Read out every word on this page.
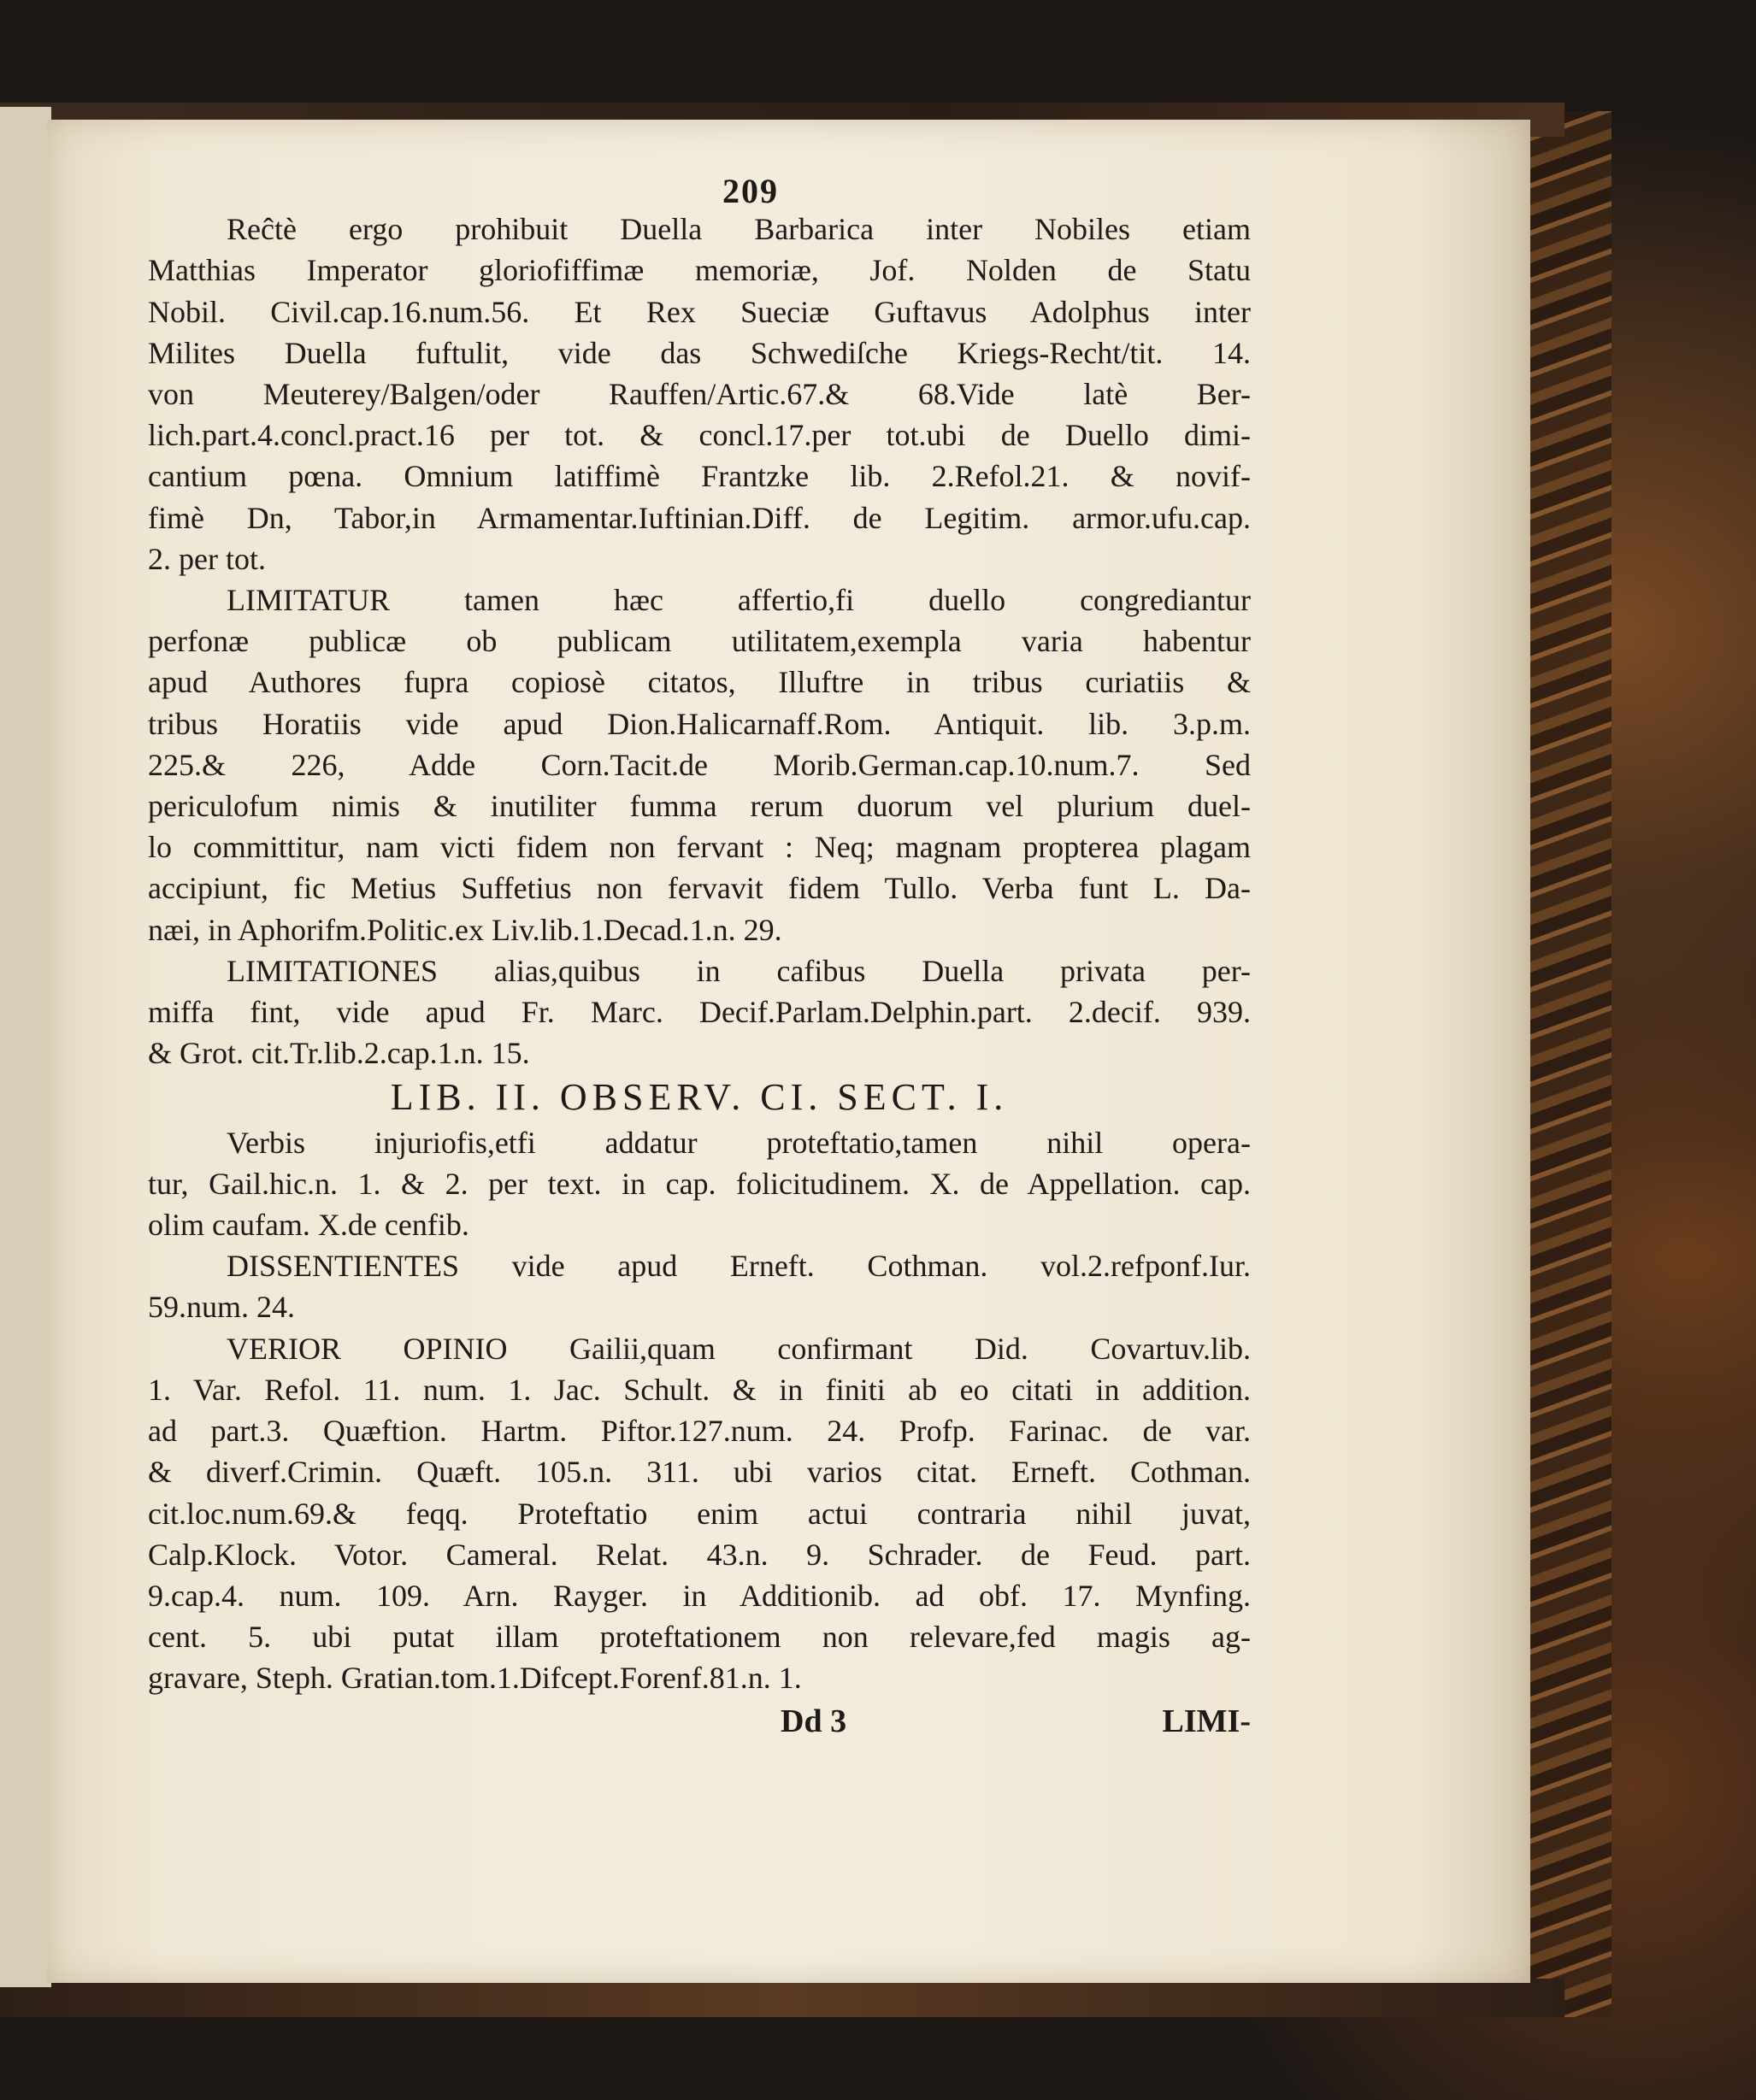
209
Reĉtè ergo prohibuit Duella Barbarica inter Nobiles etiam
Matthias Imperator gloriofiffimæ memoriæ, Jof. Nolden de Statu
Nobil. Civil.cap.16.num.56. Et Rex Sueciæ Guftavus Adolphus inter
Milites Duella fuftulit, vide das Schwediſche Kriegs-Recht/tit. 14.
von Meuterey/Balgen/oder Rauffen/Artic.67.& 68.Vide latè Ber-
lich.part.4.concl.pract.16 per tot. & concl.17.per tot.ubi de Duello dimi-
cantium pœna. Omnium latiffimè Frantzke lib. 2.Refol.21. & novif-
fimè Dn, Tabor,in Armamentar.Iuftinian.Diff. de Legitim. armor.ufu.cap.
2. per tot.
LIMITATUR tamen hæc affertio,fi duello congrediantur
perfonæ publicæ ob publicam utilitatem,exempla varia habentur
apud Authores fupra copiosè citatos, Illuftre in tribus curiatiis &
tribus Horatiis vide apud Dion.Halicarnaff.Rom. Antiquit. lib. 3.p.m.
225.& 226, Adde Corn.Tacit.de Morib.German.cap.10.num.7. Sed
periculofum nimis & inutiliter fumma rerum duorum vel plurium duel-
lo committitur, nam victi fidem non fervant : Neq; magnam propterea plagam
accipiunt, fic Metius Suffetius non fervavit fidem Tullo. Verba funt L. Da-
næi, in Aphorifm.Politic.ex Liv.lib.1.Decad.1.n. 29.
LIMITATIONES alias,quibus in cafibus Duella privata per-
miffa fint, vide apud Fr. Marc. Decif.Parlam.Delphin.part. 2.decif. 939.
& Grot. cit.Tr.lib.2.cap.1.n. 15.
LIB. II. OBSERV. CI. SECT. I.
Verbis injuriofis,etfi addatur proteftatio,tamen nihil opera-
tur, Gail.hic.n. 1. & 2. per text. in cap. folicitudinem. X. de Appellation. cap.
olim caufam. X.de cenfib.
DISSENTIENTES vide apud Erneft. Cothman. vol.2.refponf.Iur.
59.num. 24.
VERIOR OPINIO Gailii,quam confirmant Did. Covartuv.lib.
1. Var. Refol. 11. num. 1. Jac. Schult. & in finiti ab eo citati in addition.
ad part.3. Quæftion. Hartm. Piftor.127.num. 24. Profp. Farinac. de var.
& diverf.Crimin. Quæft. 105.n. 311. ubi varios citat. Erneft. Cothman.
cit.loc.num.69.& feqq. Proteftatio enim actui contraria nihil juvat,
Calp.Klock. Votor. Cameral. Relat. 43.n. 9. Schrader. de Feud. part.
9.cap.4. num. 109. Arn. Rayger. in Additionib. ad obf. 17. Mynfing.
cent. 5. ubi putat illam proteftationem non relevare,fed magis ag-
gravare, Steph. Gratian.tom.1.Difcept.Forenf.81.n. 1.
Dd 3	LIMI-
